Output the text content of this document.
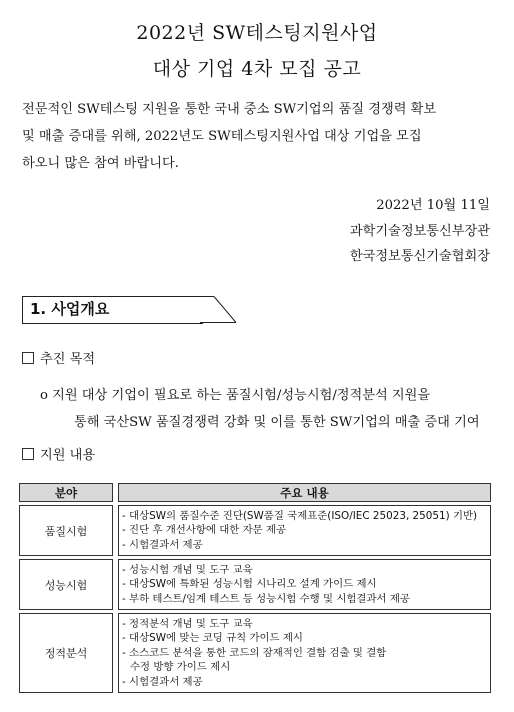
2022년 SW테스팅지원사업
대상 기업 4차 모집 공고
전문적인 SW테스팅 지원을 통한 국내 중소 SW기업의 품질 경쟁력 확보
및 매출 증대를 위해, 2022년도 SW테스팅지원사업 대상 기업을 모집
하오니 많은 참여 바랍니다.
2022년 10월 11일
과학기술정보통신부장관
한국정보통신기술협회장
1. 사업개요
추진 목적
o 지원 대상 기업이 필요로 하는 품질시험/성능시험/정적분석 지원을
통해 국산SW 품질경쟁력 강화 및 이를 통한 SW기업의 매출 증대 기여
지원 내용
분야		주요 내용
품질시험		- 대상SW의 품질수준 진단(SW품질 국제표준(ISO/IEC 25023, 25051) 기반)
- 진단 후 개선사항에 대한 자문 제공
- 시험결과서 제공

성능시험		- 성능시험 개념 및 도구 교육
- 대상SW에 특화된 성능시험 시나리오 설계 가이드 제시
- 부하 테스트/임계 테스트 등 성능시험 수행 및 시험결과서 제공

정적분석		- 정적분석 개념 및 도구 교육
- 대상SW에 맞는 코딩 규칙 가이드 제시
- 소스코드 분석을 통한 코드의 잠재적인 결함 검출 및 결함
수정 방향 가이드 제시
- 시험결과서 제공
